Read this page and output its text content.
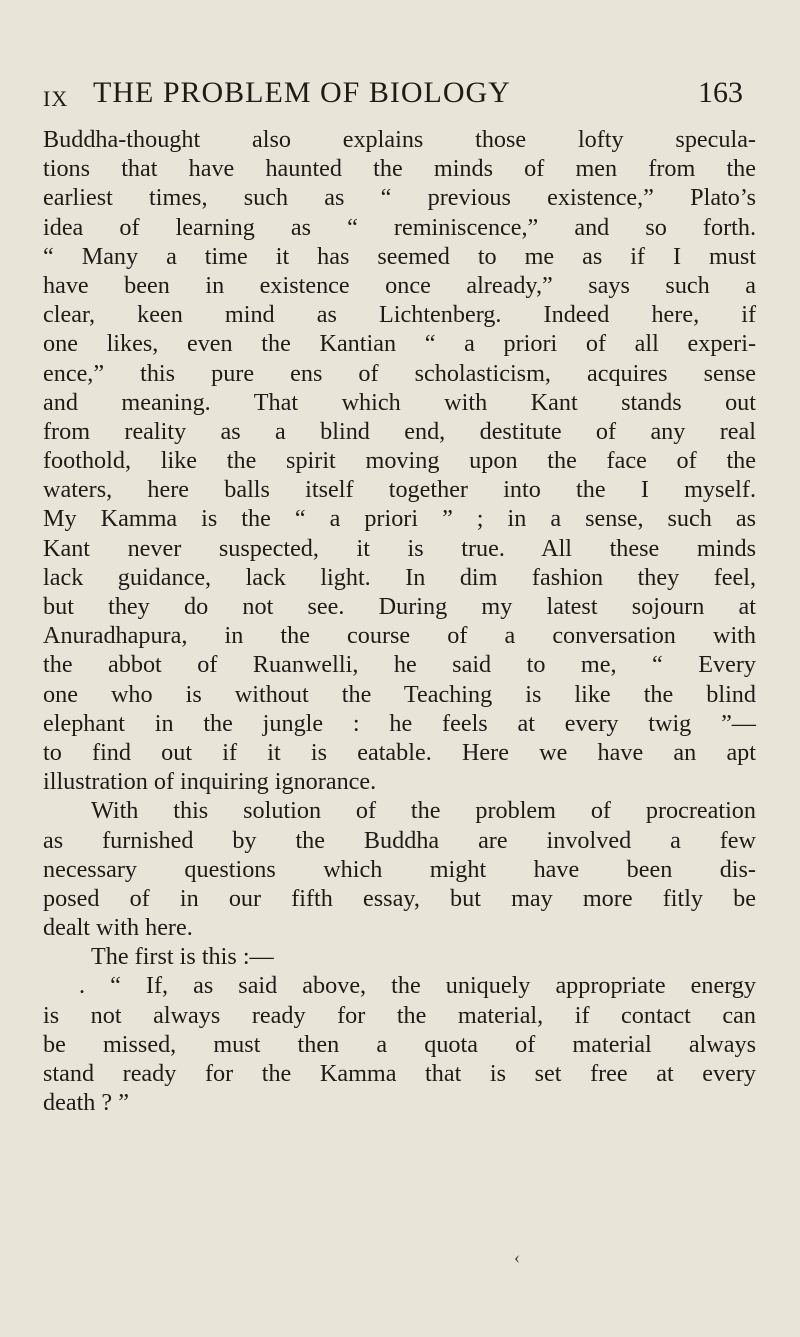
IX THE PROBLEM OF BIOLOGY	163
Buddha-thought also explains those lofty specula-
tions that have haunted the minds of men from the
earliest times, such as “ previous existence,” Plato’s
idea of learning as “ reminiscence,” and so forth.
“ Many a time it has seemed to me as if I must
have been in existence once already,” says such a
clear, keen mind as Lichtenberg. Indeed here, if
one likes, even the Kantian “ a priori of all experi-
ence,” this pure ens of scholasticism, acquires sense
and meaning. That which with Kant stands out
from reality as a blind end, destitute of any real
foothold, like the spirit moving upon the face of the
waters, here balls itself together into the I myself.
My Kamma is the “ a priori ” ; in a sense, such as
Kant never suspected, it is true. All these minds
lack guidance, lack light. In dim fashion they feel,
but they do not see. During my latest sojourn at
Anuradhapura, in the course of a conversation with
the abbot of Ruanwelli, he said to me, “ Every
one who is without the Teaching is like the blind
elephant in the jungle : he feels at every twig ”—
to find out if it is eatable. Here we have an apt
illustration of inquiring ignorance.
With this solution of the problem of procreation
as furnished by the Buddha are involved a few
necessary questions which might have been dis-
posed of in our fifth essay, but may more fitly be
dealt with here.
The first is this :—
. “ If, as said above, the uniquely appropriate energy
is not always ready for the material, if contact can
be missed, must then a quota of material always
stand ready for the Kamma that is set free at every
death ? ”
‹
